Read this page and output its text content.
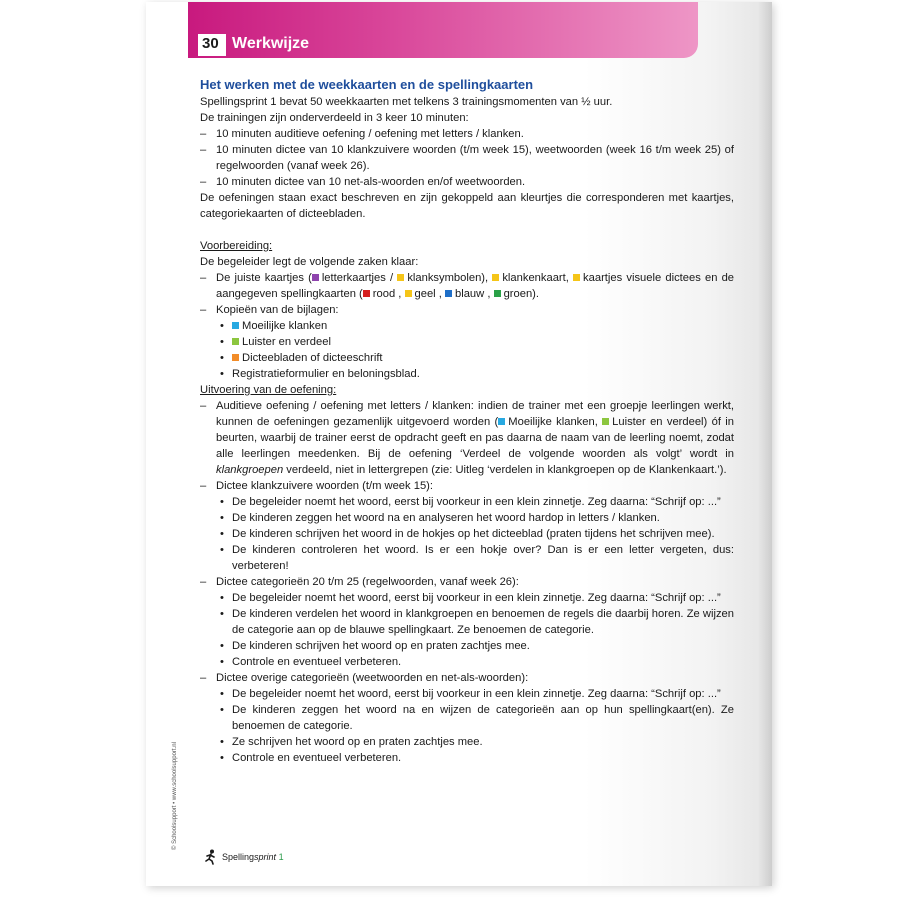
30 Werkwijze
Het werken met de weekkaarten en de spellingkaarten
Spellingsprint 1 bevat 50 weekkaarten met telkens 3 trainingsmomenten van ½ uur.
De trainingen zijn onderverdeeld in 3 keer 10 minuten:
– 10 minuten auditieve oefening / oefening met letters / klanken.
– 10 minuten dictee van 10 klankzuivere woorden (t/m week 15), weetwoorden (week 16 t/m week 25) of regelwoorden (vanaf week 26).
– 10 minuten dictee van 10 net-als-woorden en/of weetwoorden.
De oefeningen staan exact beschreven en zijn gekoppeld aan kleurtjes die corresponderen met kaartjes, categoriekaarten of dicteebladen.
Voorbereiding:
De begeleider legt de volgende zaken klaar:
– De juiste kaartjes ( letterkaartjes / klanksymbolen), klankenkaart, kaartjes visuele dictees en de aangegeven spellingkaarten ( rood , geel , blauw , groen).
– Kopieën van de bijlagen:
•	Moeilijke klanken
•	Luister en verdeel
•	Dicteebladen of dicteeschrift
• Registratieformulier en beloningsblad.
Uitvoering van de oefening:
– Auditieve oefening / oefening met letters / klanken: indien de trainer met een groepje leerlingen werkt, kunnen de oefeningen gezamenlijk uitgevoerd worden ( Moeilijke klanken, Luister en verdeel) óf in beurten, waarbij de trainer eerst de opdracht geeft en pas daarna de naam van de leerling noemt, zodat alle leerlingen meedenken. Bij de oefening ‘Verdeel de volgende woorden als volgt’ wordt in klankgroepen verdeeld, niet in lettergrepen (zie: Uitleg ‘verdelen in klankgroepen op de Klankenkaart.’).
– Dictee klankzuivere woorden (t/m week 15):
• De begeleider noemt het woord, eerst bij voorkeur in een klein zinnetje. Zeg daarna: “Schrijf op: ...”
• De kinderen zeggen het woord na en analyseren het woord hardop in letters / klanken.
• De kinderen schrijven het woord in de hokjes op het dicteeblad (praten tijdens het schrijven mee).
• De kinderen controleren het woord. Is er een hokje over? Dan is er een letter vergeten, dus: verbeteren!
– Dictee categorieën 20 t/m 25 (regelwoorden, vanaf week 26):
• De begeleider noemt het woord, eerst bij voorkeur in een klein zinnetje. Zeg daarna: “Schrijf op: ...”
• De kinderen verdelen het woord in klankgroepen en benoemen de regels die daarbij horen. Ze wijzen de categorie aan op de blauwe spellingkaart. Ze benoemen de categorie.
• De kinderen schrijven het woord op en praten zachtjes mee.
• Controle en eventueel verbeteren.
– Dictee overige categorieën (weetwoorden en net-als-woorden):
• De begeleider noemt het woord, eerst bij voorkeur in een klein zinnetje. Zeg daarna: “Schrijf op: ...”
• De kinderen zeggen het woord na en wijzen de categorieën aan op hun spellingkaart(en). Ze benoemen de categorie.
• Ze schrijven het woord op en praten zachtjes mee.
• Controle en eventueel verbeteren.
© Schoolsupport • www.schoolsupport.nl
Spellingsprint 1
